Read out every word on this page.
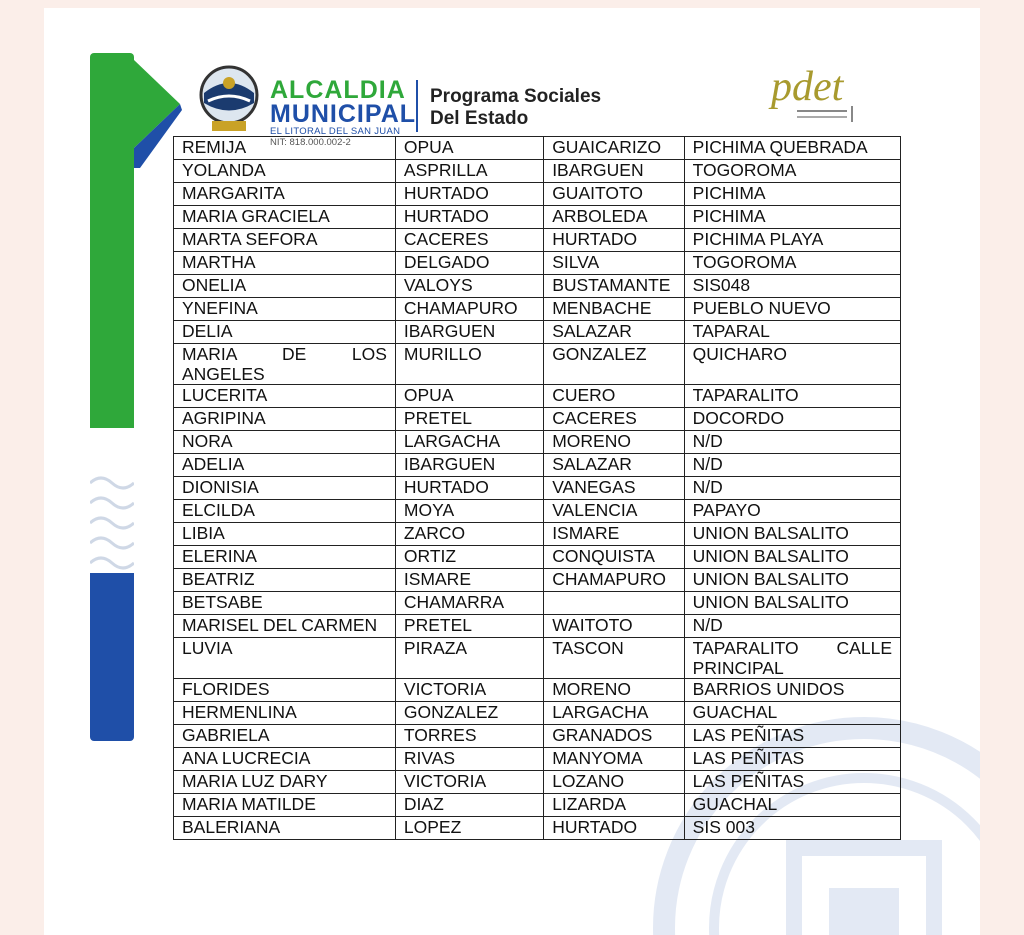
ALCALDIA
MUNICIPAL
EL LITORAL DEL SAN JUAN
NIT: 818.000.002-2
Programa Sociales
Del Estado
pdet
REMIJA	OPUA	GUAICARIZO	PICHIMA QUEBRADA
YOLANDA	ASPRILLA	IBARGUEN	TOGOROMA
MARGARITA	HURTADO	GUAITOTO	PICHIMA
MARIA GRACIELA	HURTADO	ARBOLEDA	PICHIMA
MARTA SEFORA	CACERES	HURTADO	PICHIMA PLAYA
MARTHA	DELGADO	SILVA	TOGOROMA
ONELIA	VALOYS	BUSTAMANTE	SIS048
YNEFINA	CHAMAPURO	MENBACHE	PUEBLO NUEVO
DELIA	IBARGUEN	SALAZAR	TAPARAL
MARIA DE LOS ANGELES	MURILLO	GONZALEZ	QUICHARO
LUCERITA	OPUA	CUERO	TAPARALITO
AGRIPINA	PRETEL	CACERES	DOCORDO
NORA	LARGACHA	MORENO	N/D
ADELIA	IBARGUEN	SALAZAR	N/D
DIONISIA	HURTADO	VANEGAS	N/D
ELCILDA	MOYA	VALENCIA	PAPAYO
LIBIA	ZARCO	ISMARE	UNION BALSALITO
ELERINA	ORTIZ	CONQUISTA	UNION BALSALITO
BEATRIZ	ISMARE	CHAMAPURO	UNION BALSALITO
BETSABE	CHAMARRA		UNION BALSALITO
MARISEL DEL CARMEN	PRETEL	WAITOTO	N/D
LUVIA	PIRAZA	TASCON	TAPARALITO CALLE PRINCIPAL
FLORIDES	VICTORIA	MORENO	BARRIOS UNIDOS
HERMENLINA	GONZALEZ	LARGACHA	GUACHAL
GABRIELA	TORRES	GRANADOS	LAS PEÑITAS
ANA LUCRECIA	RIVAS	MANYOMA	LAS PEÑITAS
MARIA LUZ DARY	VICTORIA	LOZANO	LAS PEÑITAS
MARIA MATILDE	DIAZ	LIZARDA	GUACHAL
BALERIANA	LOPEZ	HURTADO	SIS 003
